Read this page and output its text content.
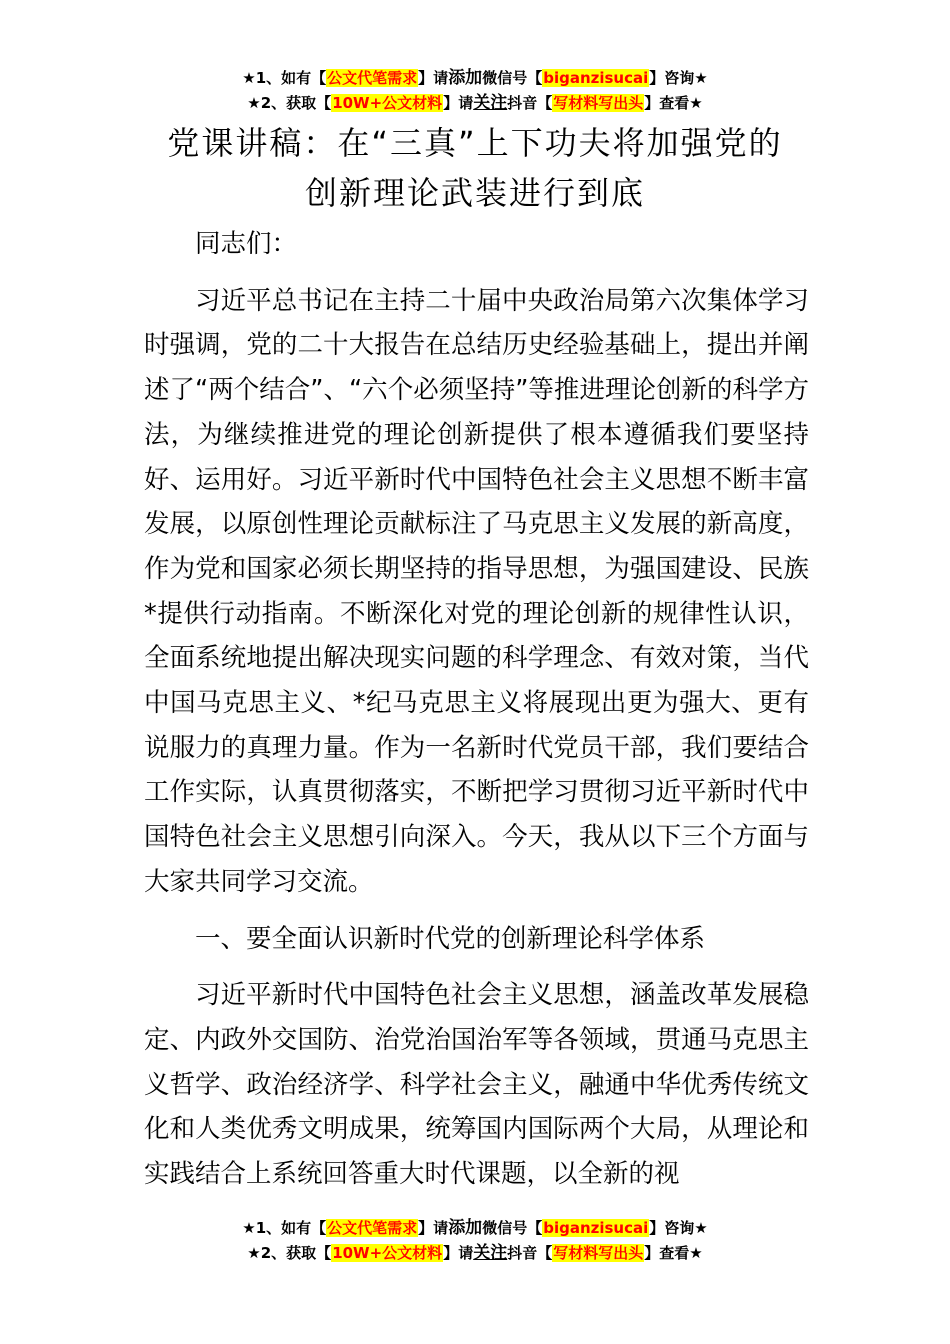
★1、如有【公文代笔需求】请添加微信号【biganzisucai】咨询★
★2、获取【10W+公文材料】请关注抖音【写材料写出头】查看★
党课讲稿：在“三真”上下功夫将加强党的
创新理论武装进行到底

同志们：

习近平总书记在主持二十届中央政治局第六次集体学习时强调，党的二十大报告在总结历史经验基础上，提出并阐述了“两个结合”、“六个必须坚持”等推进理论创新的科学方法，为继续推进党的理论创新提供了根本遵循我们要坚持好、运用好。习近平新时代中国特色社会主义思想不断丰富发展，以原创性理论贡献标注了马克思主义发展的新高度，作为党和国家必须长期坚持的指导思想，为强国建设、民族*提供行动指南。不断深化对党的理论创新的规律性认识，全面系统地提出解决现实问题的科学理念、有效对策，当代中国马克思主义、*纪马克思主义将展现出更为强大、更有说服力的真理力量。作为一名新时代党员干部，我们要结合工作实际，认真贯彻落实，不断把学习贯彻习近平新时代中国特色社会主义思想引向深入。今天，我从以下三个方面与大家共同学习交流。

一、要全面认识新时代党的创新理论科学体系

习近平新时代中国特色社会主义思想，涵盖改革发展稳定、内政外交国防、治党治国治军等各领域，贯通马克思主义哲学、政治经济学、科学社会主义，融通中华优秀传统文化和人类优秀文明成果，统筹国内国际两个大局，从理论和实践结合上系统回答重大时代课题，以全新的视

★1、如有【公文代笔需求】请添加微信号【biganzisucai】咨询★
★2、获取【10W+公文材料】请关注抖音【写材料写出头】查看★
